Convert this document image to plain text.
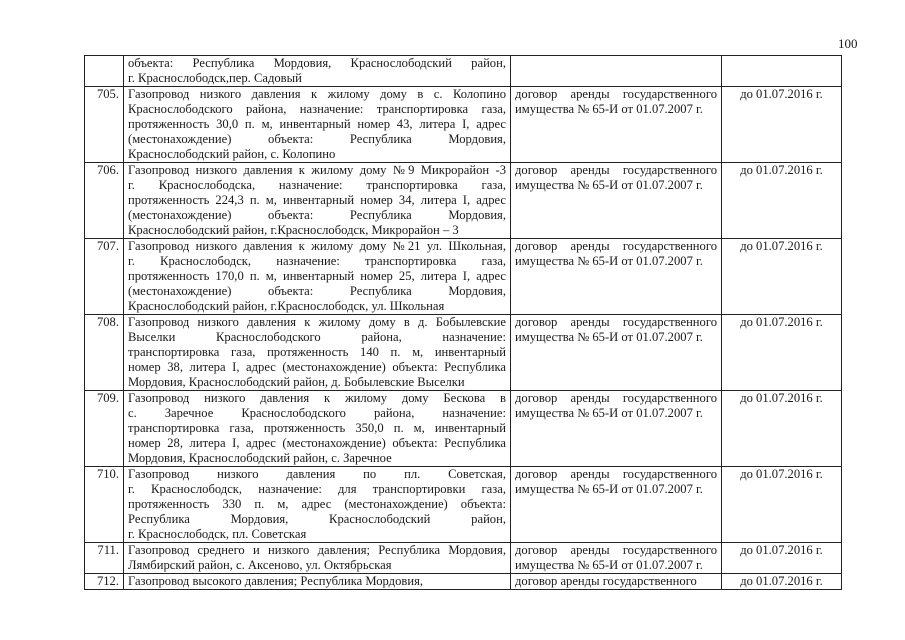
100

	объекта: Республика Мордовия, Краснослободский район,
г. Краснослободск,пер. Садовый		

705.	Газопровод низкого давления к жилому дому в с. Колопино
Краснослободского района, назначение: транспортировка газа,
протяженность 30,0 п. м, инвентарный номер 43, литера I, адрес
(местонахождение) объекта: Республика Мордовия,
Краснослободский район, с. Колопино	договор аренды государственного
имущества № 65-И от 01.07.2007 г.	до 01.07.2016 г.
706.	Газопровод низкого давления к жилому дому №9 Микрорайон -3
г. Краснослободска, назначение: транспортировка газа,
протяженность 224,3 п. м, инвентарный номер 34, литера I, адрес
(местонахождение) объекта: Республика Мордовия,
Краснослободский район, г.Краснослободск, Микрорайон – 3	договор аренды государственного
имущества № 65-И от 01.07.2007 г.	до 01.07.2016 г.
707.	Газопровод низкого давления к жилому дому №21 ул. Школьная,
г. Краснослободск, назначение: транспортировка газа,
протяженность 170,0 п. м, инвентарный номер 25, литера I, адрес
(местонахождение) объекта: Республика Мордовия,
Краснослободский район, г.Краснослободск, ул. Школьная	договор аренды государственного
имущества № 65-И от 01.07.2007 г.	до 01.07.2016 г.
708.	Газопровод низкого давления к жилому дому в д. Бобылевские
Выселки Краснослободского района, назначение:
транспортировка газа, протяженность 140 п. м, инвентарный
номер 38, литера I, адрес (местонахождение) объекта: Республика
Мордовия, Краснослободский район, д. Бобылевские Выселки	договор аренды государственного
имущества № 65-И от 01.07.2007 г.	до 01.07.2016 г.
709.	Газопровод низкого давления к жилому дому Бескова в
с. Заречное Краснослободского района, назначение:
транспортировка газа, протяженность 350,0 п. м, инвентарный
номер 28, литера I, адрес (местонахождение) объекта: Республика
Мордовия, Краснослободский район, с. Заречное	договор аренды государственного
имущества № 65-И от 01.07.2007 г.	до 01.07.2016 г.
710.	Газопровод низкого давления по пл. Советская,
г. Краснослободск, назначение: для транспортировки газа,
протяженность 330 п. м, адрес (местонахождение) объекта:
Республика Мордовия, Краснослободский район,
г. Краснослободск, пл. Советская	договор аренды государственного
имущества № 65-И от 01.07.2007 г.	до 01.07.2016 г.
711.	Газопровод среднего и низкого давления; Республика Мордовия,
Лямбирский район, с. Аксеново, ул. Октябрьская	договор аренды государственного
имущества № 65-И от 01.07.2007 г.	до 01.07.2016 г.
712.	Газопровод высокого давления; Республика Мордовия,	договор аренды государственного	до 01.07.2016 г.
